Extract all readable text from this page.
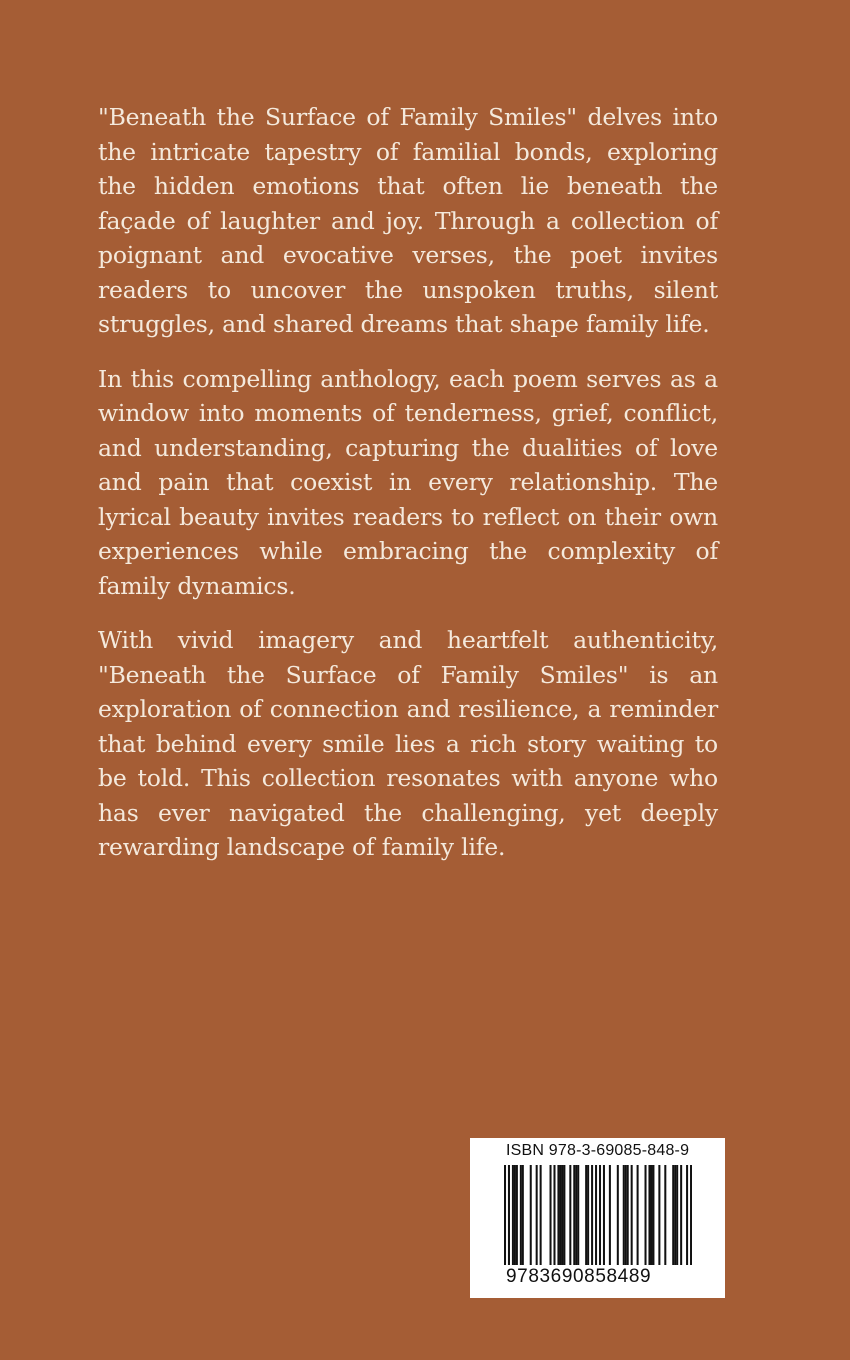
"Beneath the Surface of Family Smiles" delves into the intricate tapestry of familial bonds, exploring the hidden emotions that often lie beneath the façade of laughter and joy. Through a collection of poignant and evocative verses, the poet invites readers to uncover the unspoken truths, silent struggles, and shared dreams that shape family life.

In this compelling anthology, each poem serves as a window into moments of tenderness, grief, conflict, and understanding, capturing the dualities of love and pain that coexist in every relationship. The lyrical beauty invites readers to reflect on their own experiences while embracing the complexity of family dynamics.

With vivid imagery and heartfelt authenticity, "Beneath the Surface of Family Smiles" is an exploration of connection and resilience, a reminder that behind every smile lies a rich story waiting to be told. This collection resonates with anyone who has ever navigated the challenging, yet deeply rewarding landscape of family life.

ISBN 978-3-69085-848-9
9783690858489
